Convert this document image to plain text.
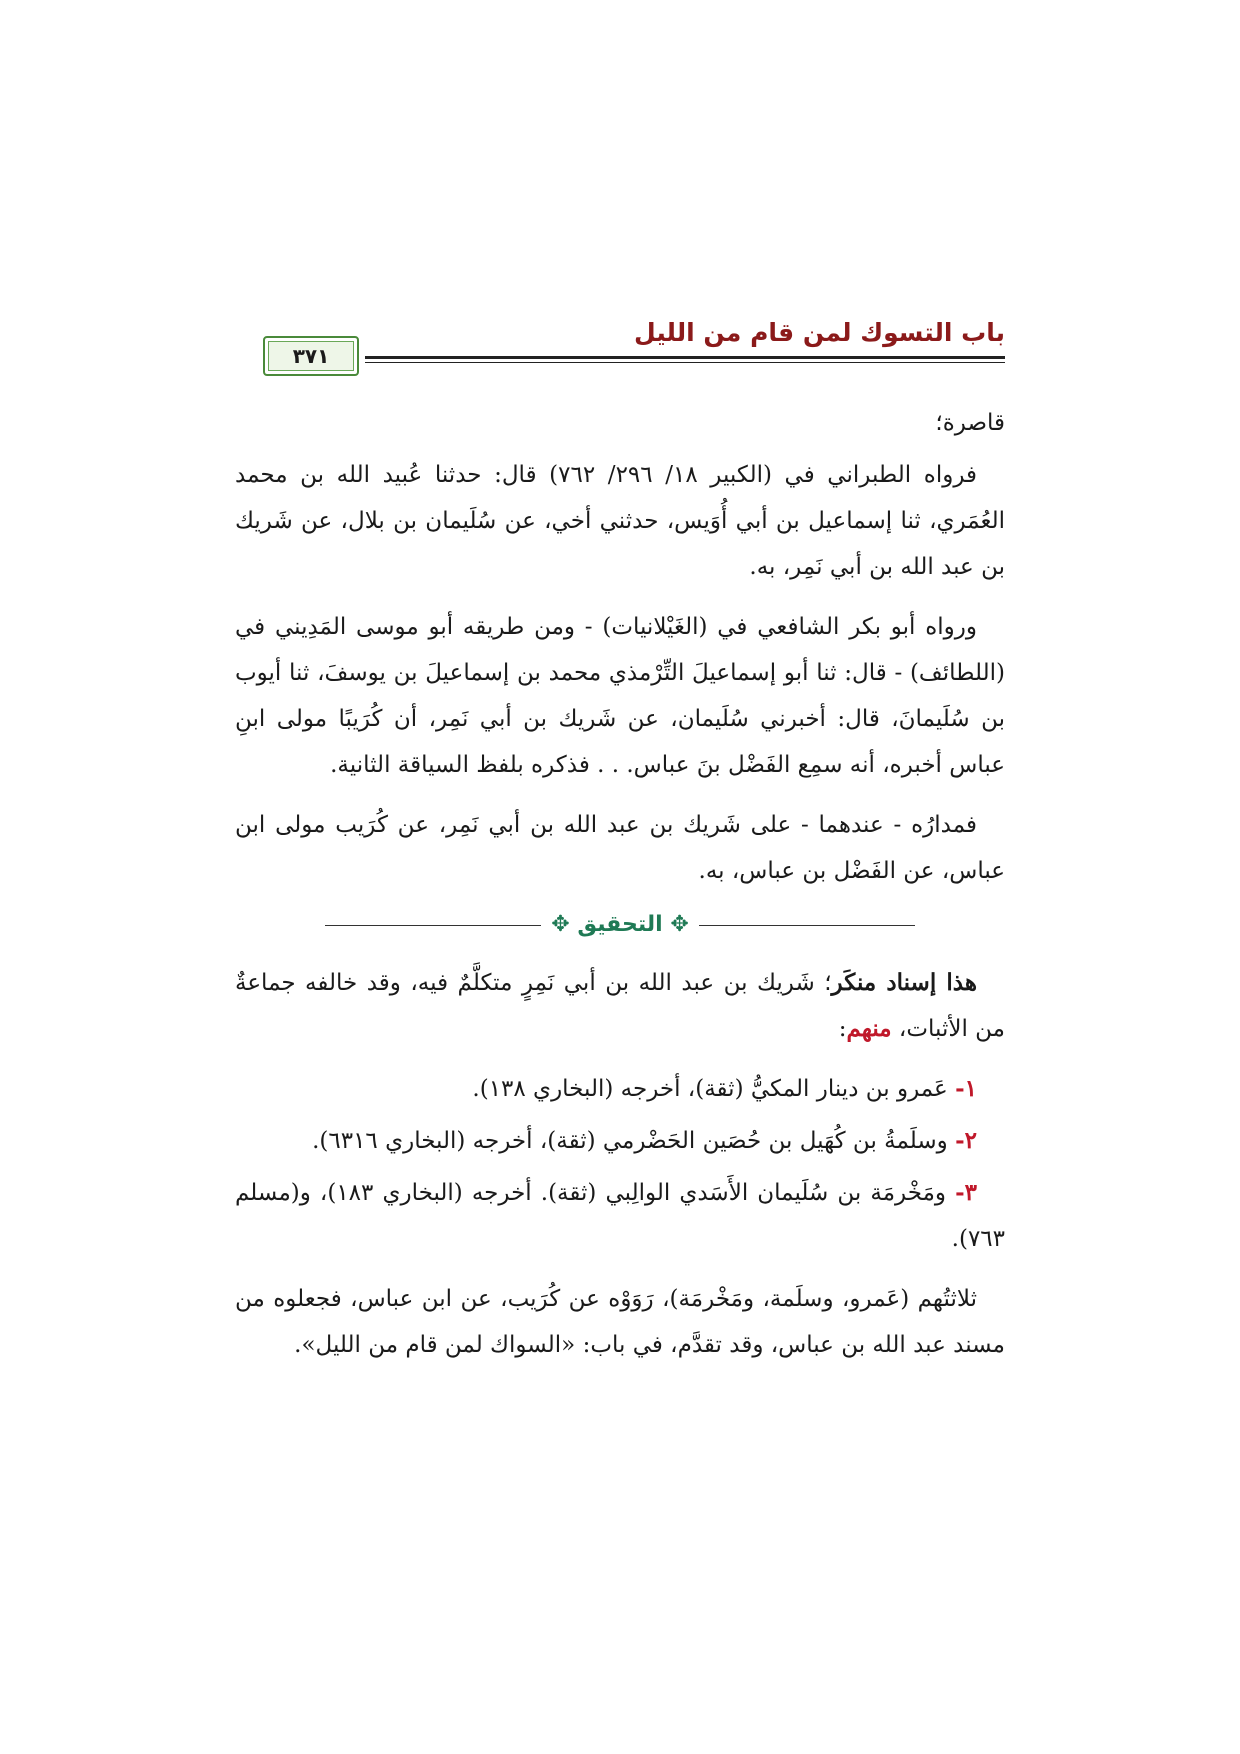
باب التسوك لمن قام من الليل
٣٧١

قاصرة؛

فرواه الطبراني في (الكبير ١٨/ ٢٩٦/ ٧٦٢) قال: حدثنا عُبيد الله بن محمد العُمَري، ثنا إسماعيل بن أبي أُوَيس، حدثني أخي، عن سُلَيمان بن بلال، عن شَريك بن عبد الله بن أبي نَمِر، به.

ورواه أبو بكر الشافعي في (الغَيْلانيات) - ومن طريقه أبو موسى المَدِيني في (اللطائف) - قال: ثنا أبو إسماعيلَ التِّرْمذي محمد بن إسماعيلَ بن يوسفَ، ثنا أيوب بن سُلَيمانَ، قال: أخبرني سُلَيمان، عن شَريك بن أبي نَمِر، أن كُرَيبًا مولى ابنِ عباس أخبره، أنه سمِع الفَضْل بنَ عباس. . . فذكره بلفظ السياقة الثانية.

فمدارُه - عندهما - على شَريك بن عبد الله بن أبي نَمِر، عن كُرَيب مولى ابن عباس، عن الفَضْل بن عباس، به.

✥ التحقيق ✥

هذا إسناد منكَر؛ شَريك بن عبد الله بن أبي نَمِرٍ متكلَّمٌ فيه، وقد خالفه جماعةٌ من الأثبات، منهم:

١- عَمرو بن دينار المكيُّ (ثقة)، أخرجه (البخاري ١٣٨).

٢- وسلَمةُ بن كُهَيل بن حُصَين الحَضْرمي (ثقة)، أخرجه (البخاري ٦٣١٦).

٣- ومَخْرمَة بن سُلَيمان الأَسَدي الوالِبي (ثقة). أخرجه (البخاري ١٨٣)، و(مسلم ٧٦٣).

ثلاثتُهم (عَمرو، وسلَمة، ومَخْرمَة)، رَوَوْه عن كُرَيب، عن ابن عباس، فجعلوه من مسند عبد الله بن عباس، وقد تقدَّم، في باب: «السواك لمن قام من الليل».
